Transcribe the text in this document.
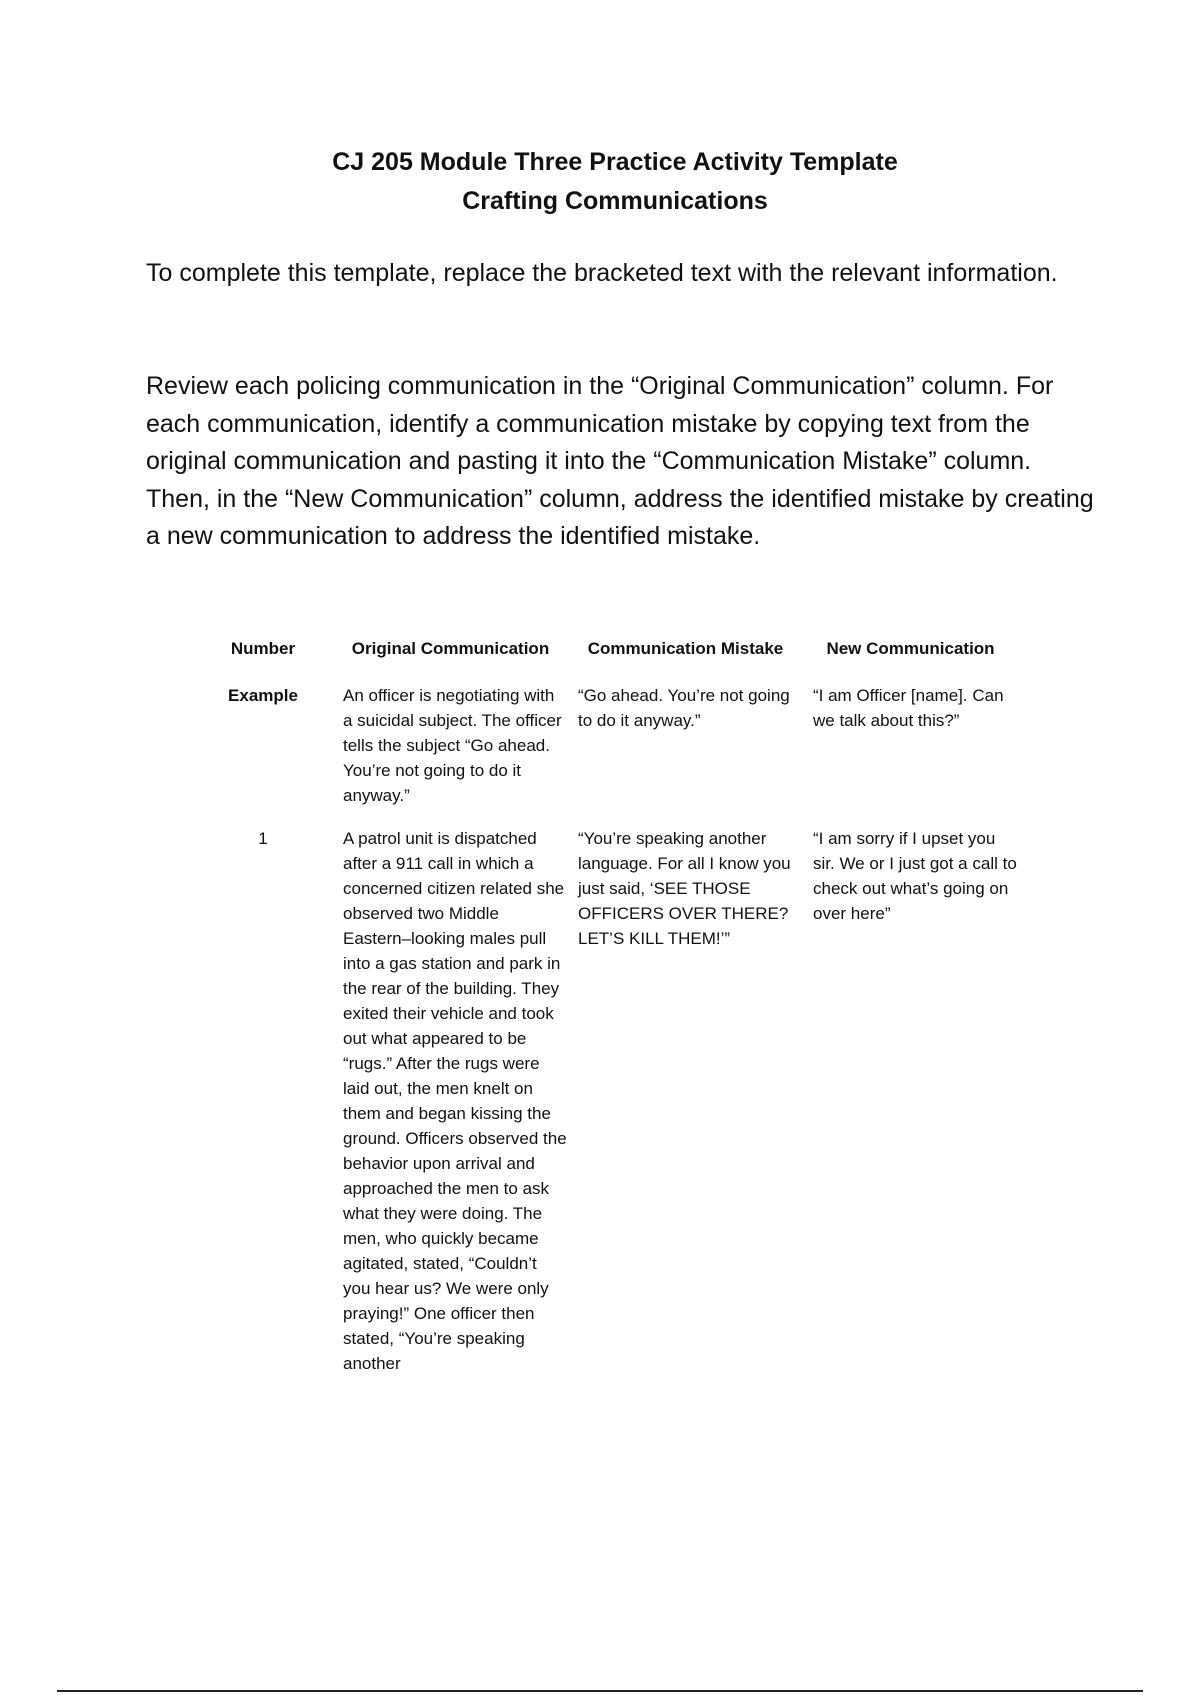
CJ 205 Module Three Practice Activity Template
Crafting Communications

To complete this template, replace the bracketed text with the relevant information.

Review each policing communication in the “Original Communication” column. For each communication, identify a communication mistake by copying text from the original communication and pasting it into the “Communication Mistake” column. Then, in the “New Communication” column, address the identified mistake by creating a new communication to address the identified mistake.

Number	Original Communication	Communication Mistake	New Communication
Example	An officer is negotiating with a suicidal subject. The officer tells the subject “Go ahead. You’re not going to do it anyway.”	“Go ahead. You’re not going to do it anyway.”	“I am Officer [name]. Can we talk about this?”
1	A patrol unit is dispatched after a 911 call in which a concerned citizen related she observed two Middle Eastern–looking males pull into a gas station and park in the rear of the building. They exited their vehicle and took out what appeared to be “rugs.” After the rugs were laid out, the men knelt on them and began kissing the ground. Officers observed the behavior upon arrival and approached the men to ask what they were doing. The men, who quickly became agitated, stated, “Couldn’t you hear us? We were only praying!” One officer then stated, “You’re speaking another	“You’re speaking another language. For all I know you just said, ‘SEE THOSE OFFICERS OVER THERE? LET’S KILL THEM!’”	“I am sorry if I upset you sir. We or I just got a call to check out what’s going on over here”
